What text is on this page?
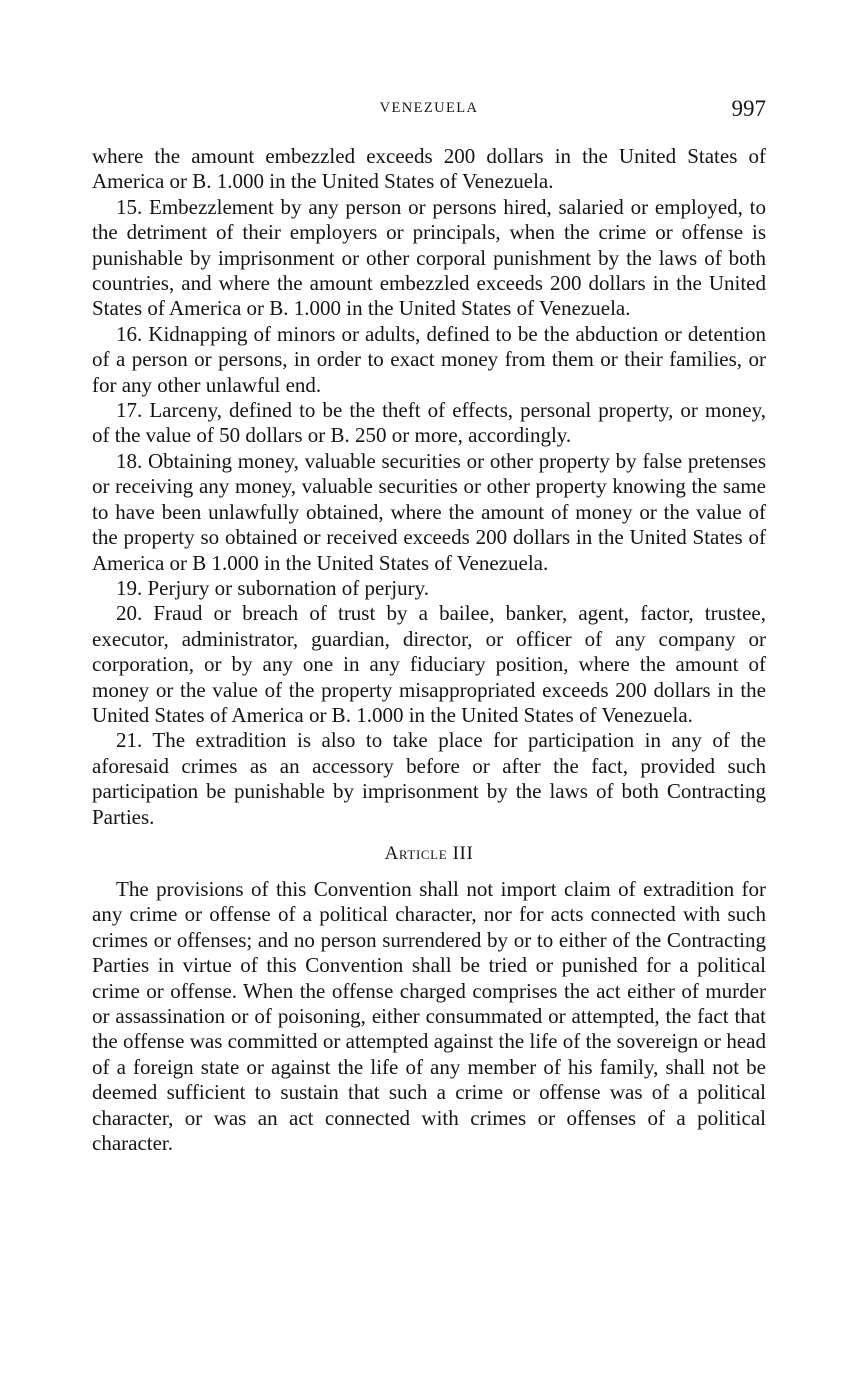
VENEZUELA	997

where the amount embezzled exceeds 200 dollars in the United States of America or B. 1.000 in the United States of Venezuela.

15. Embezzlement by any person or persons hired, salaried or employed, to the detriment of their employers or principals, when the crime or offense is punishable by imprisonment or other corporal punishment by the laws of both countries, and where the amount embezzled exceeds 200 dollars in the United States of America or B. 1.000 in the United States of Venezuela.

16. Kidnapping of minors or adults, defined to be the abduction or detention of a person or persons, in order to exact money from them or their families, or for any other unlawful end.

17. Larceny, defined to be the theft of effects, personal property, or money, of the value of 50 dollars or B. 250 or more, accordingly.

18. Obtaining money, valuable securities or other property by false pretenses or receiving any money, valuable securities or other property knowing the same to have been unlawfully obtained, where the amount of money or the value of the property so obtained or received exceeds 200 dollars in the United States of America or B 1.000 in the United States of Venezuela.

19. Perjury or subornation of perjury.

20. Fraud or breach of trust by a bailee, banker, agent, factor, trustee, executor, administrator, guardian, director, or officer of any company or corporation, or by any one in any fiduciary position, where the amount of money or the value of the property misappropriated exceeds 200 dollars in the United States of America or B. 1.000 in the United States of Venezuela.

21. The extradition is also to take place for participation in any of the aforesaid crimes as an accessory before or after the fact, provided such participation be punishable by imprisonment by the laws of both Contracting Parties.

Article III

The provisions of this Convention shall not import claim of extradition for any crime or offense of a political character, nor for acts connected with such crimes or offenses; and no person surrendered by or to either of the Contracting Parties in virtue of this Convention shall be tried or punished for a political crime or offense. When the offense charged comprises the act either of murder or assassination or of poisoning, either consummated or attempted, the fact that the offense was committed or attempted against the life of the sovereign or head of a foreign state or against the life of any member of his family, shall not be deemed sufficient to sustain that such a crime or offense was of a political character, or was an act connected with crimes or offenses of a political character.
